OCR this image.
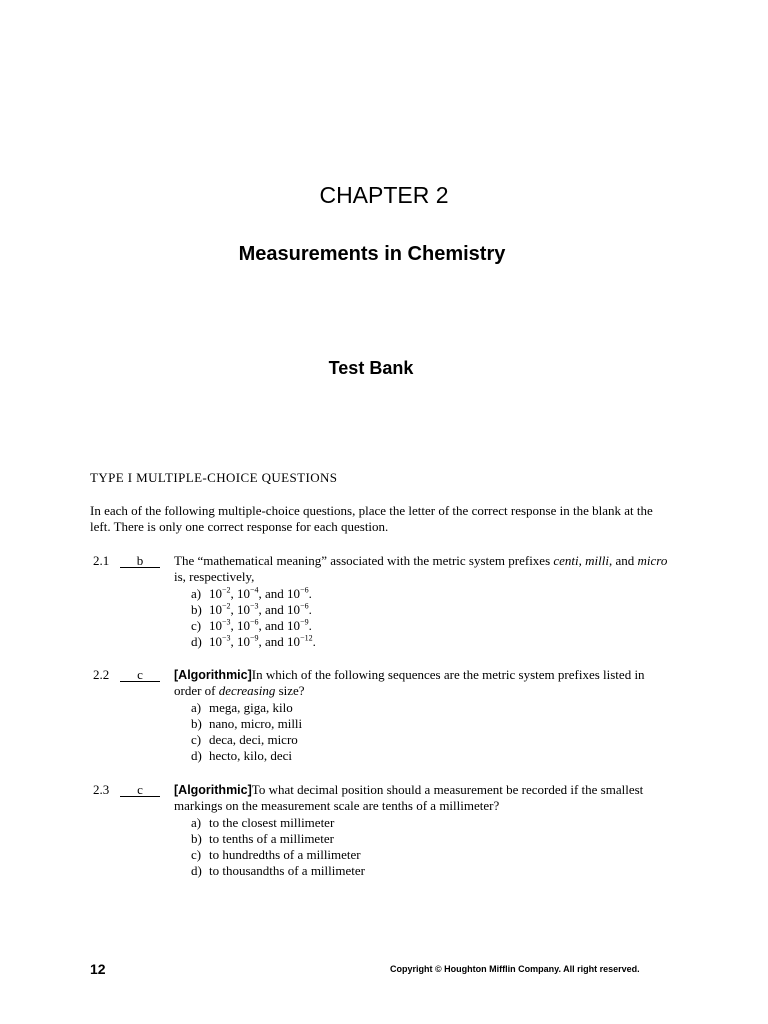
CHAPTER 2
Measurements in Chemistry
Test Bank
TYPE I MULTIPLE-CHOICE QUESTIONS
In each of the following multiple-choice questions, place the letter of the correct response in the blank at the left. There is only one correct response for each question.
2.1	b	The “mathematical meaning” associated with the metric system prefixes centi, milli, and micro is, respectively,
a) $10^{-2}$, $10^{-4}$, and $10^{-6}$.
b) $10^{-2}$, $10^{-3}$, and $10^{-6}$.
c) $10^{-3}$, $10^{-6}$, and $10^{-9}$.
d) $10^{-3}$, $10^{-9}$, and $10^{-12}$.
2.2	c	[Algorithmic]In which of the following sequences are the metric system prefixes listed in order of decreasing size?
a) mega, giga, kilo
b) nano, micro, milli
c) deca, deci, micro
d) hecto, kilo, deci
2.3	c	[Algorithmic]To what decimal position should a measurement be recorded if the smallest markings on the measurement scale are tenths of a millimeter?
a) to the closest millimeter
b) to tenths of a millimeter
c) to hundredths of a millimeter
d) to thousandths of a millimeter
12	Copyright © Houghton Mifflin Company. All right reserved.
